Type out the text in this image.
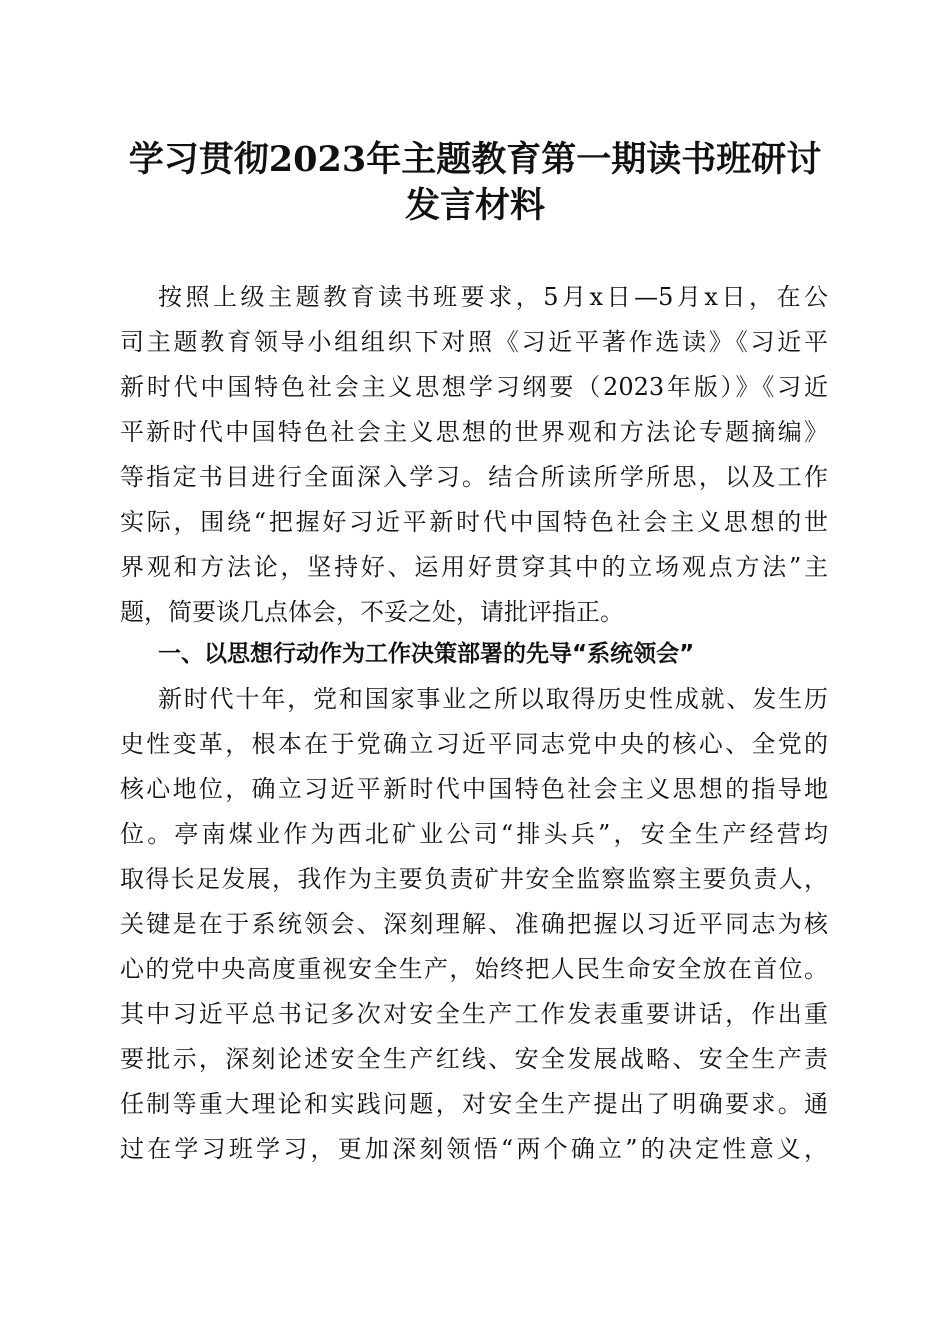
学习贯彻2023年主题教育第一期读书班研讨
发言材料

按照上级主题教育读书班要求，5月x日—5月x日，在公

司主题教育领导小组组织下对照《习近平著作选读》《习近平

新时代中国特色社会主义思想学习纲要（2023年版）》《习近

平新时代中国特色社会主义思想的世界观和方法论专题摘编》

等指定书目进行全面深入学习。结合所读所学所思，以及工作

实际，围绕“把握好习近平新时代中国特色社会主义思想的世

界观和方法论，坚持好、运用好贯穿其中的立场观点方法”主

题，简要谈几点体会，不妥之处，请批评指正。

一、以思想行动作为工作决策部署的先导“系统领会”

新时代十年，党和国家事业之所以取得历史性成就、发生历

史性变革，根本在于党确立习近平同志党中央的核心、全党的

核心地位，确立习近平新时代中国特色社会主义思想的指导地

位。亭南煤业作为西北矿业公司“排头兵”，安全生产经营均

取得长足发展，我作为主要负责矿井安全监察监察主要负责人，

关键是在于系统领会、深刻理解、准确把握以习近平同志为核

心的党中央高度重视安全生产，始终把人民生命安全放在首位。

其中习近平总书记多次对安全生产工作发表重要讲话，作出重

要批示，深刻论述安全生产红线、安全发展战略、安全生产责

任制等重大理论和实践问题，对安全生产提出了明确要求。通

过在学习班学习，更加深刻领悟“两个确立”的决定性意义，
